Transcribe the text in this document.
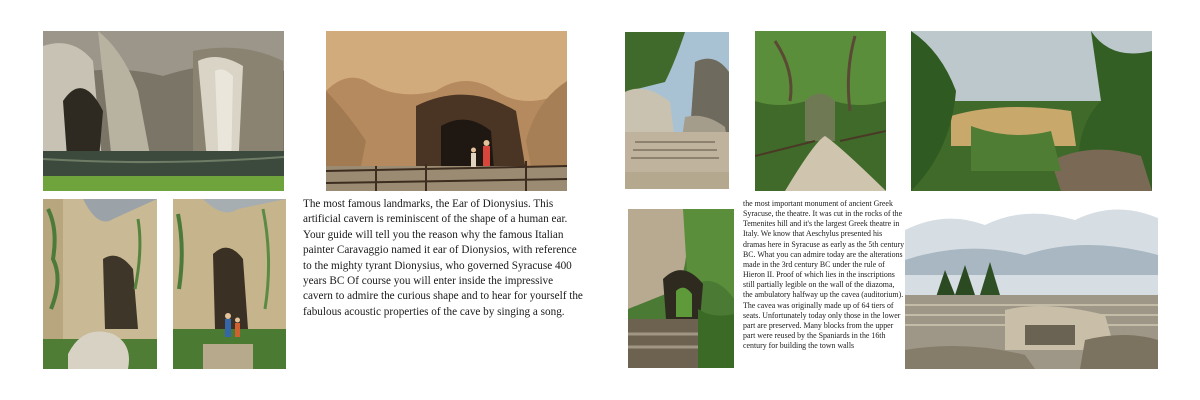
The most famous landmarks, the Ear of Dionysius. This artificial cavern is reminiscent of the shape of a human ear. Your guide will tell you the reason why the famous Italian painter Caravaggio named it ear of Dionysios, with reference to the mighty tyrant Dionysius, who governed Syracuse 400 years BC Of course you will enter inside the impressive cavern to admire the curious shape and to hear for yourself the fabulous acoustic properties of the cave by singing a song.

the most important monument of ancient Greek Syracuse, the theatre. It was cut in the rocks of the Temenites hill and it's the largest Greek theatre in Italy. We know that Aeschylus presented his dramas here in Syracuse as early as the 5th century BC. What you can admire today are the alterations made in the 3rd century BC under the rule of Hieron II. Proof of which lies in the inscriptions still partially legible on the wall of the diazoma, the ambulatory halfway up the cavea (auditorium). The cavea was originally made up of 64 tiers of seats. Unfortunately today only those in the lower part are preserved. Many blocks from the upper part were reused by the Spaniards in the 16th century for building the town walls
